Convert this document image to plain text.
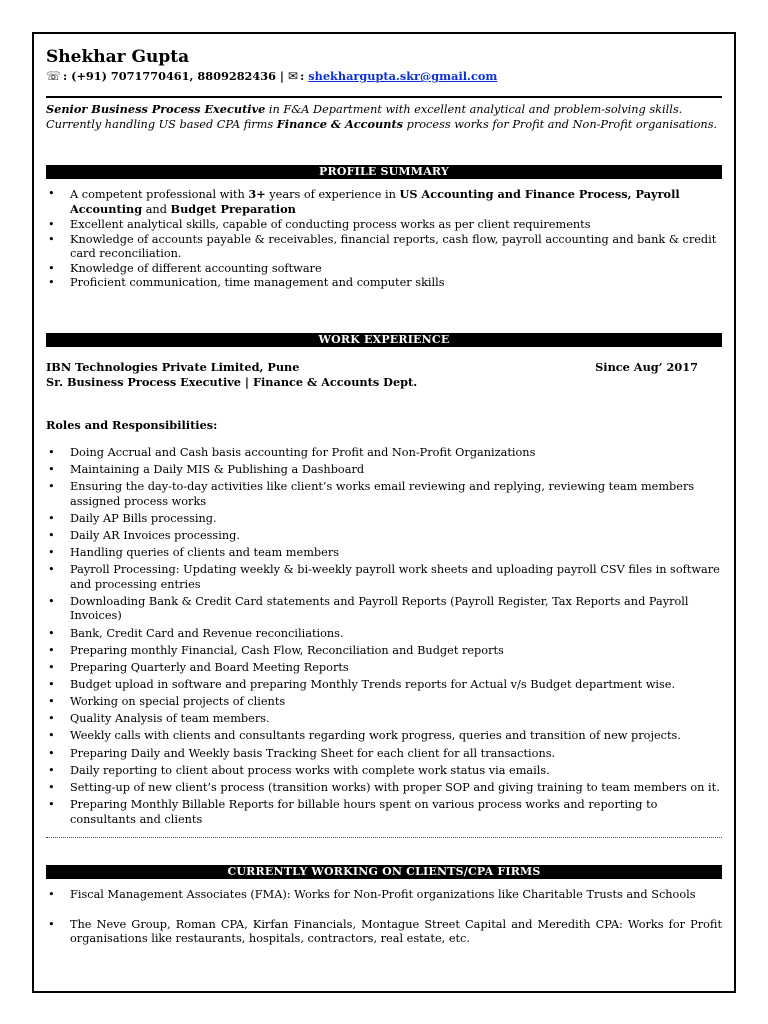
Shekhar Gupta
☏ : (+91) 7071770461, 8809282436 | ✉ : shekhargupta.skr@gmail.com
Senior Business Process Executive in F&A Department with excellent analytical and problem-solving skills. Currently handling US based CPA firms Finance & Accounts process works for Profit and Non-Profit organisations.
PROFILE SUMMARY
• A competent professional with 3+ years of experience in US Accounting and Finance Process, Payroll Accounting and Budget Preparation
• Excellent analytical skills, capable of conducting process works as per client requirements
• Knowledge of accounts payable & receivables, financial reports, cash flow, payroll accounting and bank & credit card reconciliation.
• Knowledge of different accounting software
• Proficient communication, time management and computer skills
WORK EXPERIENCE
IBN Technologies Private Limited, Pune	Since Aug’ 2017
Sr. Business Process Executive | Finance & Accounts Dept.
Roles and Responsibilities:
• Doing Accrual and Cash basis accounting for Profit and Non-Profit Organizations
• Maintaining a Daily MIS & Publishing a Dashboard
• Ensuring the day-to-day activities like client’s works email reviewing and replying, reviewing team members assigned process works
• Daily AP Bills processing.
• Daily AR Invoices processing.
• Handling queries of clients and team members
• Payroll Processing: Updating weekly & bi-weekly payroll work sheets and uploading payroll CSV files in software and processing entries
• Downloading Bank & Credit Card statements and Payroll Reports (Payroll Register, Tax Reports and Payroll Invoices)
• Bank, Credit Card and Revenue reconciliations.
• Preparing monthly Financial, Cash Flow, Reconciliation and Budget reports
• Preparing Quarterly and Board Meeting Reports
• Budget upload in software and preparing Monthly Trends reports for Actual v/s Budget department wise.
• Working on special projects of clients
• Quality Analysis of team members.
• Weekly calls with clients and consultants regarding work progress, queries and transition of new projects.
• Preparing Daily and Weekly basis Tracking Sheet for each client for all transactions.
• Daily reporting to client about process works with complete work status via emails.
• Setting-up of new client’s process (transition works) with proper SOP and giving training to team members on it.
• Preparing Monthly Billable Reports for billable hours spent on various process works and reporting to consultants and clients
CURRENTLY WORKING ON CLIENTS/CPA FIRMS
• Fiscal Management Associates (FMA): Works for Non-Profit organizations like Charitable Trusts and Schools
• The Neve Group, Roman CPA, Kirfan Financials, Montague Street Capital and Meredith CPA: Works for Profit organisations like restaurants, hospitals, contractors, real estate, etc.
